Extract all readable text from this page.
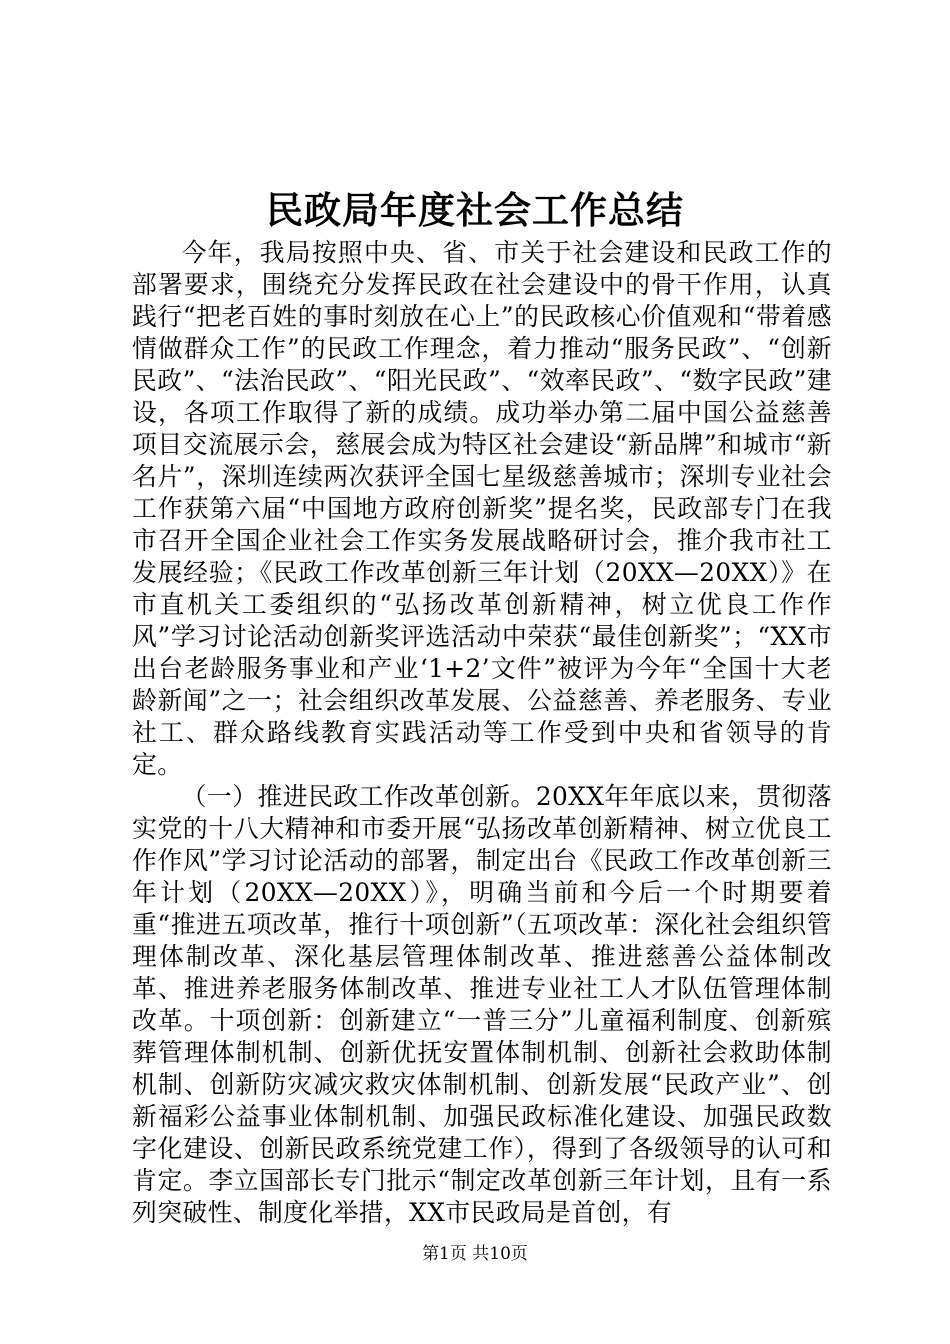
民政局年度社会工作总结

今年，我局按照中央、省、市关于社会建设和民政工作的部署要求，围绕充分发挥民政在社会建设中的骨干作用，认真践行“把老百姓的事时刻放在心上”的民政核心价值观和“带着感情做群众工作”的民政工作理念，着力推动“服务民政”、“创新民政”、“法治民政”、“阳光民政”、“效率民政”、“数字民政”建设，各项工作取得了新的成绩。成功举办第二届中国公益慈善项目交流展示会，慈展会成为特区社会建设“新品牌”和城市“新名片”，深圳连续两次获评全国七星级慈善城市；深圳专业社会工作获第六届“中国地方政府创新奖”提名奖，民政部专门在我市召开全国企业社会工作实务发展战略研讨会，推介我市社工发展经验；《民政工作改革创新三年计划（20XX—20XX）》在市直机关工委组织的“弘扬改革创新精神，树立优良工作作风”学习讨论活动创新奖评选活动中荣获“最佳创新奖”；“XX市出台老龄服务事业和产业‘1+2’文件”被评为今年“全国十大老龄新闻”之一；社会组织改革发展、公益慈善、养老服务、专业社工、群众路线教育实践活动等工作受到中央和省领导的肯定。

（一）推进民政工作改革创新。20XX年年底以来，贯彻落实党的十八大精神和市委开展“弘扬改革创新精神、树立优良工作作风”学习讨论活动的部署，制定出台《民政工作改革创新三年计划（20XX—20XX）》，明确当前和今后一个时期要着重“推进五项改革，推行十项创新”（五项改革：深化社会组织管理体制改革、深化基层管理体制改革、推进慈善公益体制改革、推进养老服务体制改革、推进专业社工人才队伍管理体制改革。十项创新：创新建立“一普三分”儿童福利制度、创新殡葬管理体制机制、创新优抚安置体制机制、创新社会救助体制机制、创新防灾减灾救灾体制机制、创新发展“民政产业”、创新福彩公益事业体制机制、加强民政标准化建设、加强民政数字化建设、创新民政系统党建工作），得到了各级领导的认可和肯定。李立国部长专门批示“制定改革创新三年计划，且有一系列突破性、制度化举措，XX市民政局是首创，有

第1页 共10页
